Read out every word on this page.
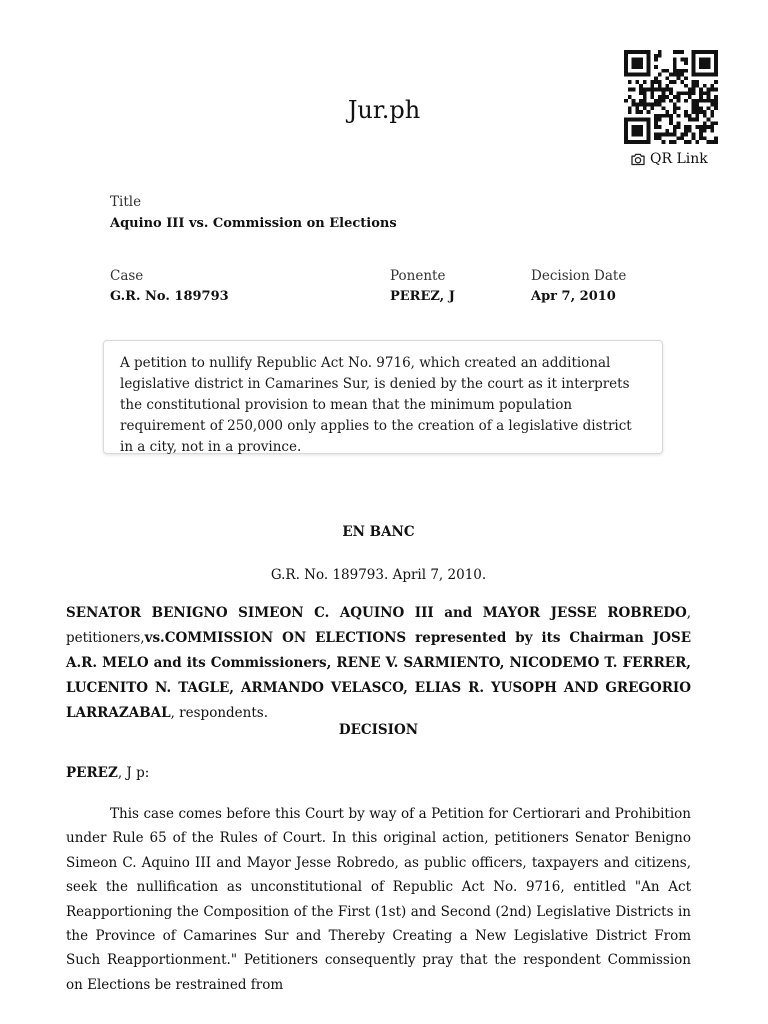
Jur.ph
QR Link
Title
Aquino III vs. Commission on Elections
Case
G.R. No. 189793
Ponente
PEREZ, J
Decision Date
Apr 7, 2010
A petition to nullify Republic Act No. 9716, which created an additional legislative district in Camarines Sur, is denied by the court as it interprets the constitutional provision to mean that the minimum population requirement of 250,000 only applies to the creation of a legislative district in a city, not in a province.
EN BANC
G.R. No. 189793. April 7, 2010.
SENATOR BENIGNO SIMEON C. AQUINO III and MAYOR JESSE ROBREDO, petitioners,vs.COMMISSION ON ELECTIONS represented by its Chairman JOSE A.R. MELO and its Commissioners, RENE V. SARMIENTO, NICODEMO T. FERRER, LUCENITO N. TAGLE, ARMANDO VELASCO, ELIAS R. YUSOPH AND GREGORIO LARRAZABAL, respondents.
DECISION
PEREZ, J p:
This case comes before this Court by way of a Petition for Certiorari and Prohibition under Rule 65 of the Rules of Court. In this original action, petitioners Senator Benigno Simeon C. Aquino III and Mayor Jesse Robredo, as public officers, taxpayers and citizens, seek the nullification as unconstitutional of Republic Act No. 9716, entitled "An Act Reapportioning the Composition of the First (1st) and Second (2nd) Legislative Districts in the Province of Camarines Sur and Thereby Creating a New Legislative District From Such Reapportionment." Petitioners consequently pray that the respondent Commission on Elections be restrained from
